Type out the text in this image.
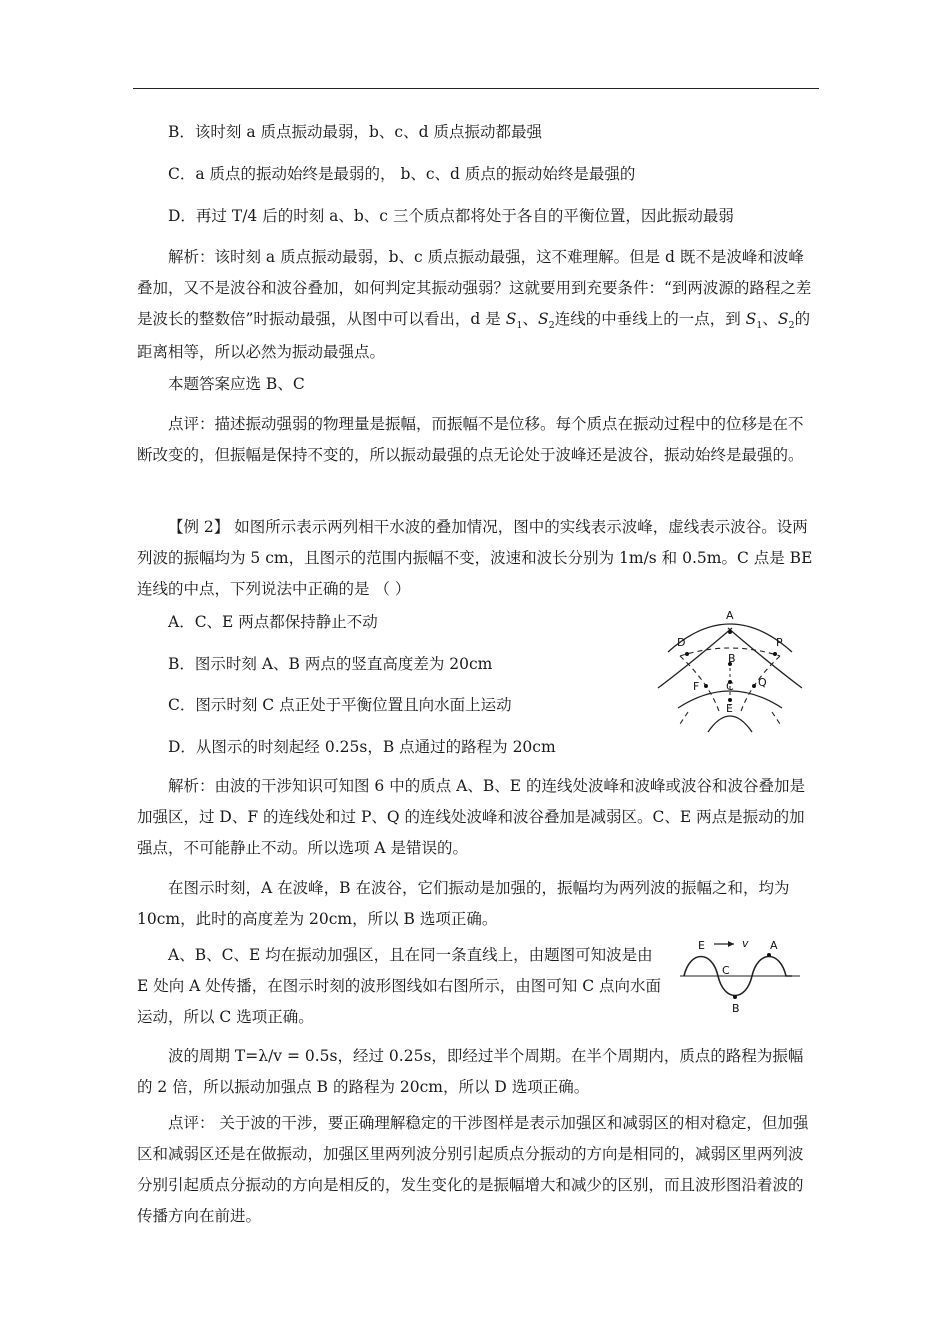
B．该时刻 a 质点振动最弱，b、c、d 质点振动都最强
C．a 质点的振动始终是最弱的， b、c、d 质点的振动始终是最强的
D．再过 T/4 后的时刻 a、b、c 三个质点都将处于各自的平衡位置，因此振动最弱

解析：该时刻 a 质点振动最弱，b、c 质点振动最强，这不难理解。但是 d 既不是波峰和波峰叠加，又不是波谷和波谷叠加，如何判定其振动强弱？这就要用到充要条件：“到两波源的路程之差是波长的整数倍”时振动最强，从图中可以看出，d 是 $S_1$、$S_2$连线的中垂线上的一点，到 $S_1$、$S_2$的距离相等，所以必然为振动最强点。

本题答案应选 B、C

点评：描述振动强弱的物理量是振幅，而振幅不是位移。每个质点在振动过程中的位移是在不断改变的，但振幅是保持不变的，所以振动最强的点无论处于波峰还是波谷，振动始终是最强的。

【例 2】 如图所示表示两列相干水波的叠加情况，图中的实线表示波峰，虚线表示波谷。设两列波的振幅均为 5 cm，且图示的范围内振幅不变，波速和波长分别为 1m/s 和 0.5m。C 点是 BE 连线的中点，下列说法中正确的是 （ ）

A．C、E 两点都保持静止不动
B．图示时刻 A、B 两点的竖直高度差为 20cm
C．图示时刻 C 点正处于平衡位置且向水面上运动
D．从图示的时刻起经 0.25s，B 点通过的路程为 20cm
A
D	P
B
C
F	Q
E

解析：由波的干涉知识可知图 6 中的质点 A、B、E 的连线处波峰和波峰或波谷和波谷叠加是加强区，过 D、F 的连线处和过 P、Q 的连线处波峰和波谷叠加是减弱区。C、E 两点是振动的加强点，不可能静止不动。所以选项 A 是错误的。

在图示时刻，A 在波峰，B 在波谷，它们振动是加强的，振幅均为两列波的振幅之和，均为 10cm，此时的高度差为 20cm，所以 B 选项正确。

A、B、C、E 均在振动加强区，且在同一条直线上，由题图可知波是由 E 处向 A 处传播，在图示时刻的波形图线如右图所示，由图可知 C 点向水面运动，所以 C 选项正确。

E	v A
C
B

波的周期 T=λ/v = 0.5s，经过 0.25s，即经过半个周期。在半个周期内，质点的路程为振幅的 2 倍，所以振动加强点 B 的路程为 20cm，所以 D 选项正确。

点评： 关于波的干涉，要正确理解稳定的干涉图样是表示加强区和减弱区的相对稳定，但加强区和减弱区还是在做振动，加强区里两列波分别引起质点分振动的方向是相同的，减弱区里两列波分别引起质点分振动的方向是相反的，发生变化的是振幅增大和减少的区别，而且波形图沿着波的传播方向在前进。
